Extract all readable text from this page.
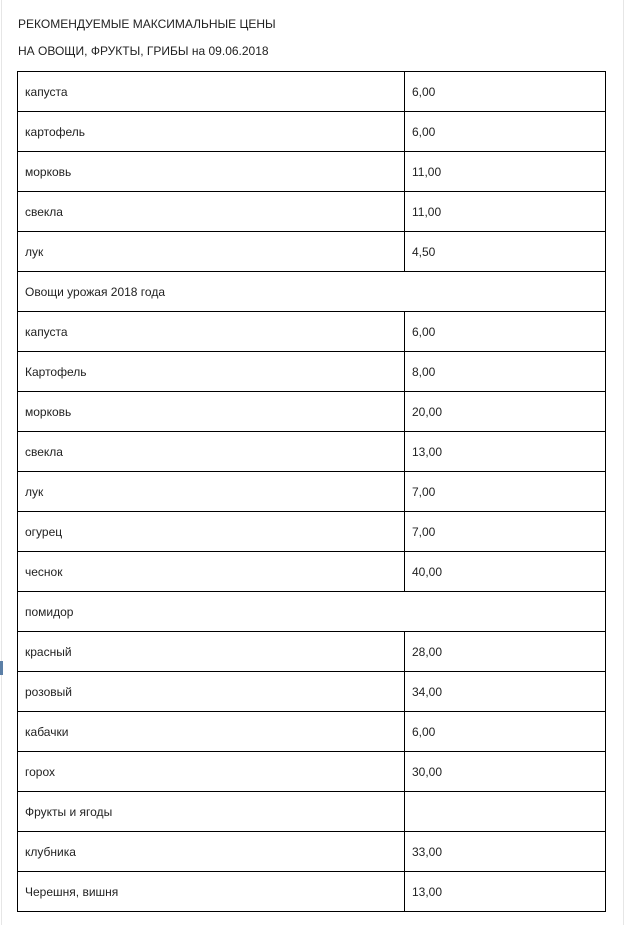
РЕКОМЕНДУЕМЫЕ МАКСИМАЛЬНЫЕ ЦЕНЫ

НА ОВОЩИ, ФРУКТЫ, ГРИБЫ на 09.06.2018

капуста	6,00
картофель	6,00
морковь	11,00
свекла	11,00
лук	4,50
Овощи урожая 2018 года	
капуста	6,00
Картофель	8,00
морковь	20,00
свекла	13,00
лук	7,00
огурец	7,00
чеснок	40,00
помидор	
красный	28,00
розовый	34,00
кабачки	6,00
горох	30,00
Фрукты и ягоды	
клубника	33,00
Черешня, вишня	13,00
